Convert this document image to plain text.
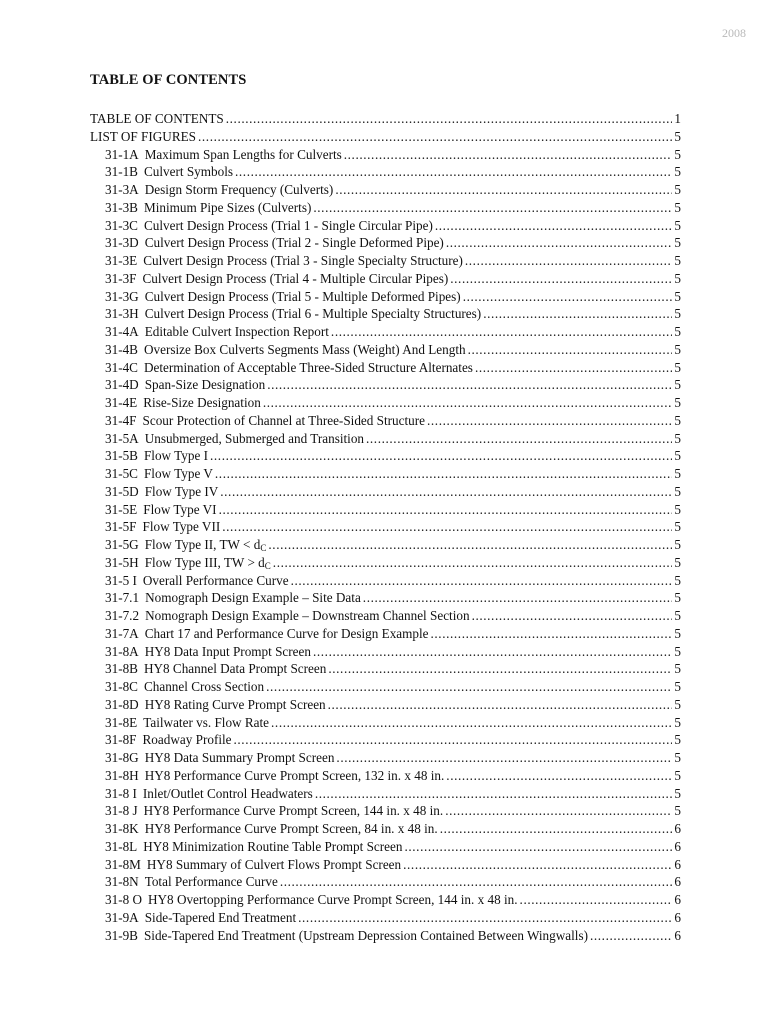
2008
TABLE OF CONTENTS
TABLE OF CONTENTS .....	1
LIST OF FIGURES .....	5
31-1A Maximum Span Lengths for Culverts .....	5
31-1B Culvert Symbols .....	5
31-3A Design Storm Frequency (Culverts) .....	5
31-3B Minimum Pipe Sizes (Culverts) .....	5
31-3C Culvert Design Process (Trial 1 - Single Circular Pipe) .....	5
31-3D Culvert Design Process (Trial 2 - Single Deformed Pipe) .....	5
31-3E Culvert Design Process (Trial 3 - Single Specialty Structure) .....	5
31-3F Culvert Design Process (Trial 4 - Multiple Circular Pipes) .....	5
31-3G Culvert Design Process (Trial 5 - Multiple Deformed Pipes) .....	5
31-3H Culvert Design Process (Trial 6 - Multiple Specialty Structures) .....	5
31-4A Editable Culvert Inspection Report .....	5
31-4B Oversize Box Culverts Segments Mass (Weight) And Length .....	5
31-4C Determination of Acceptable Three-Sided Structure Alternates .....	5
31-4D Span-Size Designation .....	5
31-4E Rise-Size Designation .....	5
31-4F Scour Protection of Channel at Three-Sided Structure .....	5
31-5A Unsubmerged, Submerged and Transition .....	5
31-5B Flow Type I .....	5
31-5C Flow Type V .....	5
31-5D Flow Type IV .....	5
31-5E Flow Type VI .....	5
31-5F Flow Type VII .....	5
31-5G Flow Type II, TW < $d_C$ .....	5
31-5H Flow Type III, TW > $d_C$ .....	5
31-5 I Overall Performance Curve .....	5
31-7.1 Nomograph Design Example – Site Data .....	5
31-7.2 Nomograph Design Example – Downstream Channel Section .....	5
31-7A Chart 17 and Performance Curve for Design Example .....	5
31-8A HY8 Data Input Prompt Screen .....	5
31-8B HY8 Channel Data Prompt Screen .....	5
31-8C Channel Cross Section .....	5
31-8D HY8 Rating Curve Prompt Screen .....	5
31-8E Tailwater vs. Flow Rate .....	5
31-8F Roadway Profile .....	5
31-8G HY8 Data Summary Prompt Screen .....	5
31-8H HY8 Performance Curve Prompt Screen, 132 in. x 48 in. .....	5
31-8 I Inlet/Outlet Control Headwaters .....	5
31-8 J HY8 Performance Curve Prompt Screen, 144 in. x 48 in. .....	5
31-8K HY8 Performance Curve Prompt Screen, 84 in. x 48 in. .....	6
31-8L HY8 Minimization Routine Table Prompt Screen .....	6
31-8M HY8 Summary of Culvert Flows Prompt Screen .....	6
31-8N Total Performance Curve .....	6
31-8 O HY8 Overtopping Performance Curve Prompt Screen, 144 in. x 48 in. .....	6
31-9A Side-Tapered End Treatment .....	6
31-9B Side-Tapered End Treatment (Upstream Depression Contained Between Wingwalls) .....	6
